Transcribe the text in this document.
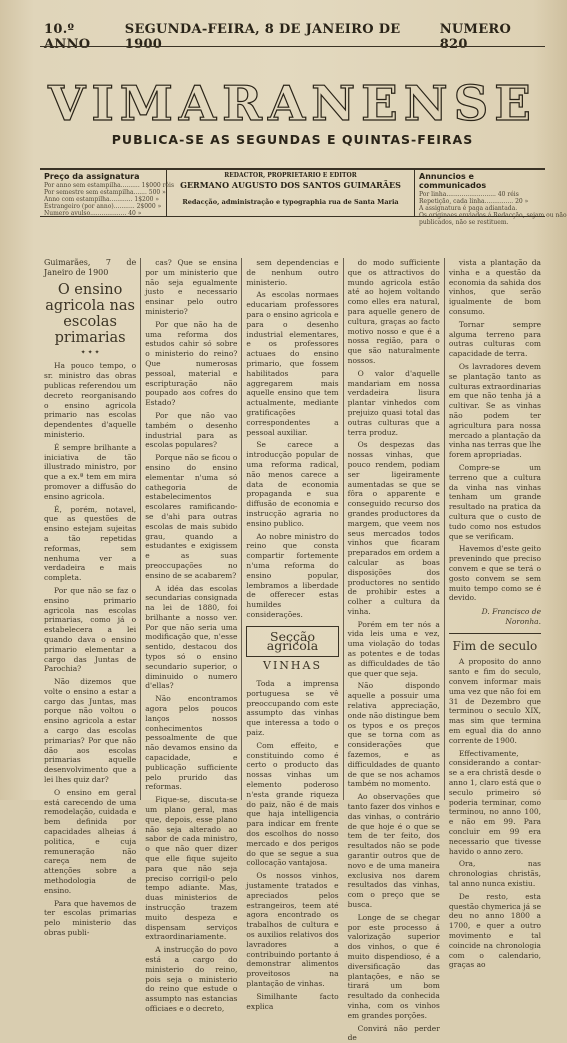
10.º ANNO
SEGUNDA-FEIRA, 8 DE JANEIRO DE 1900
NUMERO 820
VIMARANENSE
PUBLICA-SE AS SEGUNDAS E QUINTAS-FEIRAS
Preço da assignatura
Por anno sem estampilha.......... 1$000 réis
Por semestre sem estampilha....... 500 »
Anno com estampilha............ 1$200 »
Estrangeiro (por anno)........... 2$000 »
Numero avulso................... 40 »
REDACTOR, PROPRIETARIO E EDITOR
GERMANO AUGUSTO DOS SANTOS GUIMARÃES
Redacção, administração e typographia rua de Santa Maria
Annuncios e communicados
Por linha.......................... 40 réis
Repetição, cada linha............... 20 »
A assignatura é paga adiantada.
Os originaes enviados á Redacção, sejam ou não
publicados, não se restituem.
Guimarães, 7 de Janeiro de 1900
O ensino agricola nas escolas primarias
✦ ✦ ✦

Ha pouco tempo, o sr. ministro das obras publicas referendou um decreto reorganisando o ensino agricola primario nas escolas dependentes d'aquelle ministerio.

É sempre brilhante a iniciativa de tão illustrado ministro, por que a ex.ª tem em mira promover a diffusão do ensino agricola.

É, porém, notavel, que as questões de ensino estejam sujeitas a tão repetidas reformas, sem nenhuma ver a verdadeira e mais completa.

Por que não se faz o ensino primario agricola nas escolas primarias, como já o estabelecera a lei quando dava o ensino primario elementar a cargo das Juntas de Parochia?

Não dizemos que volte o ensino a estar a cargo das Juntas, mas porque não voltou o ensino agricola a estar a cargo das escolas primarias? Por que não dão aos escolas primarias aquelle desenvolvimento que a lei lhes quiz dar?

O ensino em geral está carecendo de uma remodelação, cuidada e bem definida por capacidades alheias á politica, e cuja remuneração não careça nem de attenções sobre a methodologia de ensino.

Para que havemos de ter escolas primarias pelo ministerio das obras publi-

cas? Que se ensina por um ministerio que não seja egualmente justo e necessario ensinar pelo outro ministerio?

Por que não ha de uma reforma dos estudos cahir só sobre o ministerio do reino? Que numerosas pessoal, material e escripturação não poupado aos cofres do Estado?

Por que não vao também o desenho industrial para as escolas populares?

Porque não se ficou o ensino do ensino elementar n'uma só cathegoria de estabelecimentos escolares ramificando-se d'ahi para outras escolas de mais subido grau, quando a estudantes e exigissem e as suas preoccupações no ensino de se acabarem?

A idéa das escolas secundarias consignada na lei de 1880, foi brilhante a nosso ver. Por que não seria uma modificação que, n'esse sentido, destacou dos typos só o ensino secundario superior, o diminuido o numero d'ellas?

Não encontramos agora pelos poucos lanços nossos conhecimentos pessoalmente de que não devamos ensino da capacidade, e publicação sufficiente pelo prurido das reformas.

Fique-se, discuta-se um plano geral, mas que, depois, esse plano não seja alterado ao sabor de cada ministro, o que não quer dizer que elle fique sujeito para que não seja preciso corrigil-o pelo tempo adiante. Mas, duas ministerios de instrucção trazem muito despeza e dispensam serviços extraordinariamente.

A instrucção do povo está a cargo do ministerio do reino, pois seja o ministerio do reino que estude o assumpto nas estancias officiaes e o decreto,

sem dependencias e de nenhum outro ministerio.

As escolas normaes educariam professores para o ensino agricola e para o desenho industrial elementares, e os professores actuaes do ensino primario, que fossem habilitados para aggregarem mais aquelle ensino que tem actualmente, mediante gratificações correspondentes a pessoal auxiliar.

Se carece a introducção popular de uma reforma radical, não menos carece a data de economia propaganda e sua diffusão de economia e instrucção agraria no ensino publico.

Ao nobre ministro do reino que consta compartir fortemente n'uma reforma do ensino popular, lembramos a liberdade de offerecer estas humildes considerações.

Secção agricola
VINHAS

Toda a imprensa portuguesa se vê preoccupando com este assumpto das vinhas que interessa a todo o paiz.

Com effeito, e constituindo como é certo o producto das nossas vinhas um elemento poderoso n'esta grande riqueza do paiz, não é de mais que haja intelligencia para indicar em frente dos escolhos do nosso mercado e dos perigos do que se segue a sua collocação vantajosa.

Os nossos vinhos, justamente tratados e apreciados pelos estrangeiros, teem até agora encontrado os trabalhos de cultura e os auxilios relativos dos lavradores a contribuindo portanto á demonstrar alimentos proveitosos na plantação de vinhas.

Similhante facto explica

do modo sufficiente que os attractivos do mundo agricola estão até ao hojem voltando como elles era natural, para aquelle genero de cultura, graças ao facto motivo nosso e que é a nossa região, para o que são naturalmente nossos.

O valor d'aquelle mandariam em nossa verdadeira lisura plantar vinhedos com prejuizo quasi total das outras culturas que a terra produz.

Os despezas das nossas vinhas, que pouco rendem, podiam ser ligeiramente aumentadas se que se fôra o apparente e conseguido recurso dos grandes productores da margem, que veem nos seus mercados todos vinhos que ficaram preparados em ordem a calcular as boas disposições dos productores no sentido de prohibir estes a colher a cultura da vinha.

Porém em ter nós a vida leis uma e vez, uma violação do todas as potentes e de todas as difficuldades de tão que quer que seja.

Não dispondo aquelle a possuir uma relativa appreciação, onde não distingue bem os typos e os preços que se torna com as considerações que fazemos, e as difficuldades de quanto de que se nos achamos também no momento.

Ao observações que tanto fazer dos vinhos e das vinhas, o contrário de que hoje é o que se tem de ter feito, dos resultados não se pode garantir outros que de novo e de uma maneira exclusiva nos darem resultados das vinhas, com o preço que se busca.

Longe de se chegar por este processo á valorização superior dos vinhos, o que é muito dispendioso, é a diversificação das plantações, e não se tirará um bom resultado da conhecida vinha, com os vinhos em grandes porções.

Convirá não perder de

vista a plantação da vinha e a questão da economia da sahida dos vinhos, que serão igualmente de bom consumo.

Tornar sempre alguma terreno para outras culturas com capacidade de terra.

Os lavradores devem se plantação tanto as culturas extraordinarias em que não tenha já a cultivar. Se as vinhas não podem ter agricultura para nossa mercado a plantação da vinha nas terras que lhe forem apropriadas.

Compre-se um terreno que a cultura da vinha nas vinhas tenham um grande resultado na pratica da cultura que o custo de tudo como nos estudos que se verificam.

Havemos d'este geito prevenindo que preciso convem e que se terá o gosto convem se sem muito tempo como se é devido.

D. Francisco de Noronha.
Fim de seculo

A proposito do anno santo e fim do seculo, convem informar mais uma vez que não foi em 31 de Dezembro que terminou o seculo XIX, mas sim que termina em egual dia do anno corrente de 1900.

Effectivamente, considerando a contar-se a era christã desde o anno 1, claro está que o seculo primeiro só poderia terminar, como terminou, no anno 100, e não em 99. Para concluir em 99 era necessario que tivesse havido o anno zero.

Ora, nas chronologias christãs, tal anno nunca existiu.

De resto, esta questão chymerica já se deu no anno 1800 a 1700, e quer a outro movimento e tal coincide na chronologia com o calendario, graças ao
